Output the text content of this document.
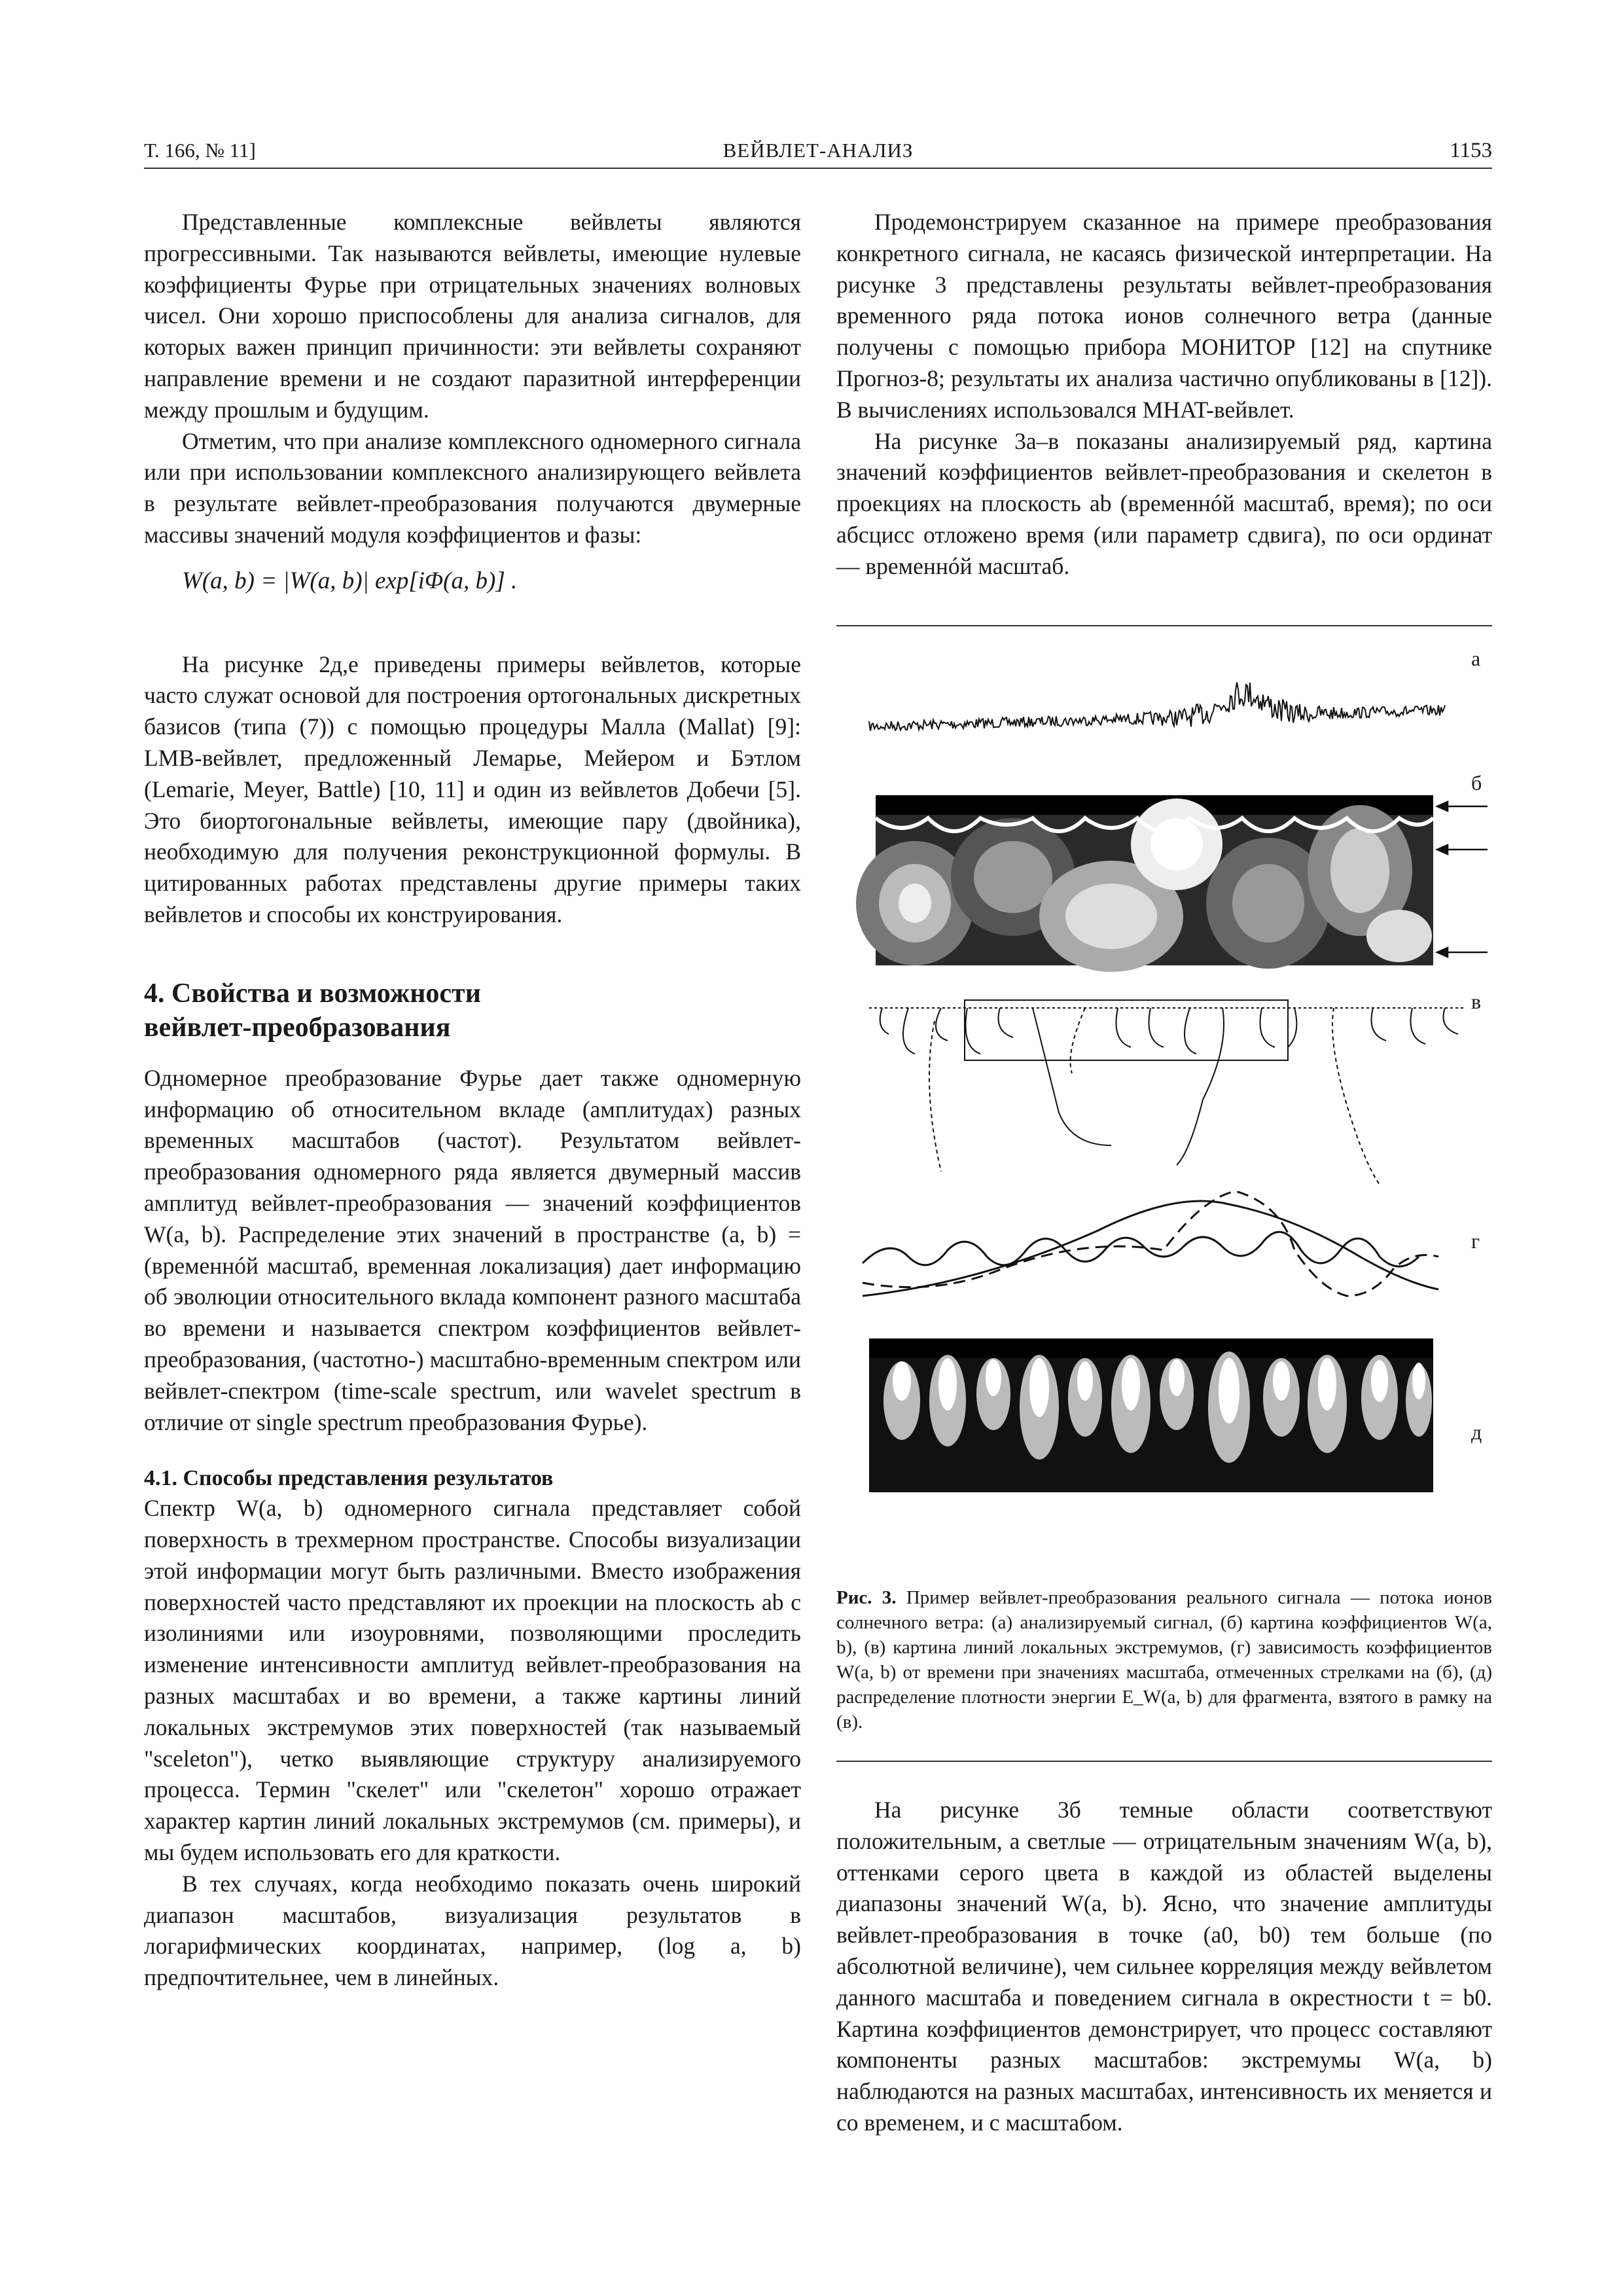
Т. 166, № 11]	ВЕЙВЛЕТ-АНАЛИЗ	1153

Представленные комплексные вейвлеты являются прогрессивными. Так называются вейвлеты, имеющие нулевые коэффициенты Фурье при отрицательных значениях волновых чисел. Они хорошо приспособлены для анализа сигналов, для которых важен принцип причинности: эти вейвлеты сохраняют направление времени и не создают паразитной интерференции между прошлым и будущим.

Отметим, что при анализе комплексного одномерного сигнала или при использовании комплексного анализирующего вейвлета в результате вейвлет-преобразования получаются двумерные массивы значений модуля коэффициентов и фазы:

W(a, b) = |W(a, b)| exp[iΦ(a, b)] .

На рисунке 2д,е приведены примеры вейвлетов, которые часто служат основой для построения ортогональных дискретных базисов (типа (7)) с помощью процедуры Малла (Mallat) [9]: LMB-вейвлет, предложенный Лемарье, Мейером и Бэтлом (Lemarie, Meyer, Battle) [10, 11] и один из вейвлетов Добечи [5]. Это биортогональные вейвлеты, имеющие пару (двойника), необходимую для получения реконструкционной формулы. В цитированных работах представлены другие примеры таких вейвлетов и способы их конструирования.

4. Свойства и возможности
вейвлет-преобразования

Одномерное преобразование Фурье дает также одномерную информацию об относительном вкладе (амплитудах) разных временных масштабов (частот). Результатом вейвлет-преобразования одномерного ряда является двумерный массив амплитуд вейвлет-преобразования — значений коэффициентов W(a, b). Распределение этих значений в пространстве (a, b) = (временнóй масштаб, временная локализация) дает информацию об эволюции относительного вклада компонент разного масштаба во времени и называется спектром коэффициентов вейвлет-преобразования, (частотно-) масштабно-временным спектром или вейвлет-спектром (time-scale spectrum, или wavelet spectrum в отличие от single spectrum преобразования Фурье).

4.1. Способы представления результатов

Спектр W(a, b) одномерного сигнала представляет собой поверхность в трехмерном пространстве. Способы визуализации этой информации могут быть различными. Вместо изображения поверхностей часто представляют их проекции на плоскость ab с изолиниями или изоуровнями, позволяющими проследить изменение интенсивности амплитуд вейвлет-преобразования на разных масштабах и во времени, а также картины линий локальных экстремумов этих поверхностей (так называемый "sceleton"), четко выявляющие структуру анализируемого процесса. Термин "скелет" или "скелетон" хорошо отражает характер картин линий локальных экстремумов (см. примеры), и мы будем использовать его для краткости.

В тех случаях, когда необходимо показать очень широкий диапазон масштабов, визуализация результатов в логарифмических координатах, например, (log a, b) предпочтительнее, чем в линейных.

Продемонстрируем сказанное на примере преобразования конкретного сигнала, не касаясь физической интерпретации. На рисунке 3 представлены результаты вейвлет-преобразования временного ряда потока ионов солнечного ветра (данные получены с помощью прибора МОНИТОР [12] на спутнике Прогноз-8; результаты их анализа частично опубликованы в [12]). В вычислениях использовался MHAT-вейвлет.

На рисунке 3а–в показаны анализируемый ряд, картина значений коэффициентов вейвлет-преобразования и скелетон в проекциях на плоскость ab (временнóй масштаб, время); по оси абсцисс отложено время (или параметр сдвига), по оси ординат — временнóй масштаб.

а
б
в
г
д
Рис. 3. Пример вейвлет-преобразования реального сигнала — потока ионов солнечного ветра: (а) анализируемый сигнал, (б) картина коэффициентов W(a, b), (в) картина линий локальных экстремумов, (г) зависимость коэффициентов W(a, b) от времени при значениях масштаба, отмеченных стрелками на (б), (д) распределение плотности энергии E_W(a, b) для фрагмента, взятого в рамку на (в).

На рисунке 3б темные области соответствуют положительным, а светлые — отрицательным значениям W(a, b), оттенками серого цвета в каждой из областей выделены диапазоны значений W(a, b). Ясно, что значение амплитуды вейвлет-преобразования в точке (a0, b0) тем больше (по абсолютной величине), чем сильнее корреляция между вейвлетом данного масштаба и поведением сигнала в окрестности t = b0. Картина коэффициентов демонстрирует, что процесс составляют компоненты разных масштабов: экстремумы W(a, b) наблюдаются на разных масштабах, интенсивность их меняется и со временем, и с масштабом.
